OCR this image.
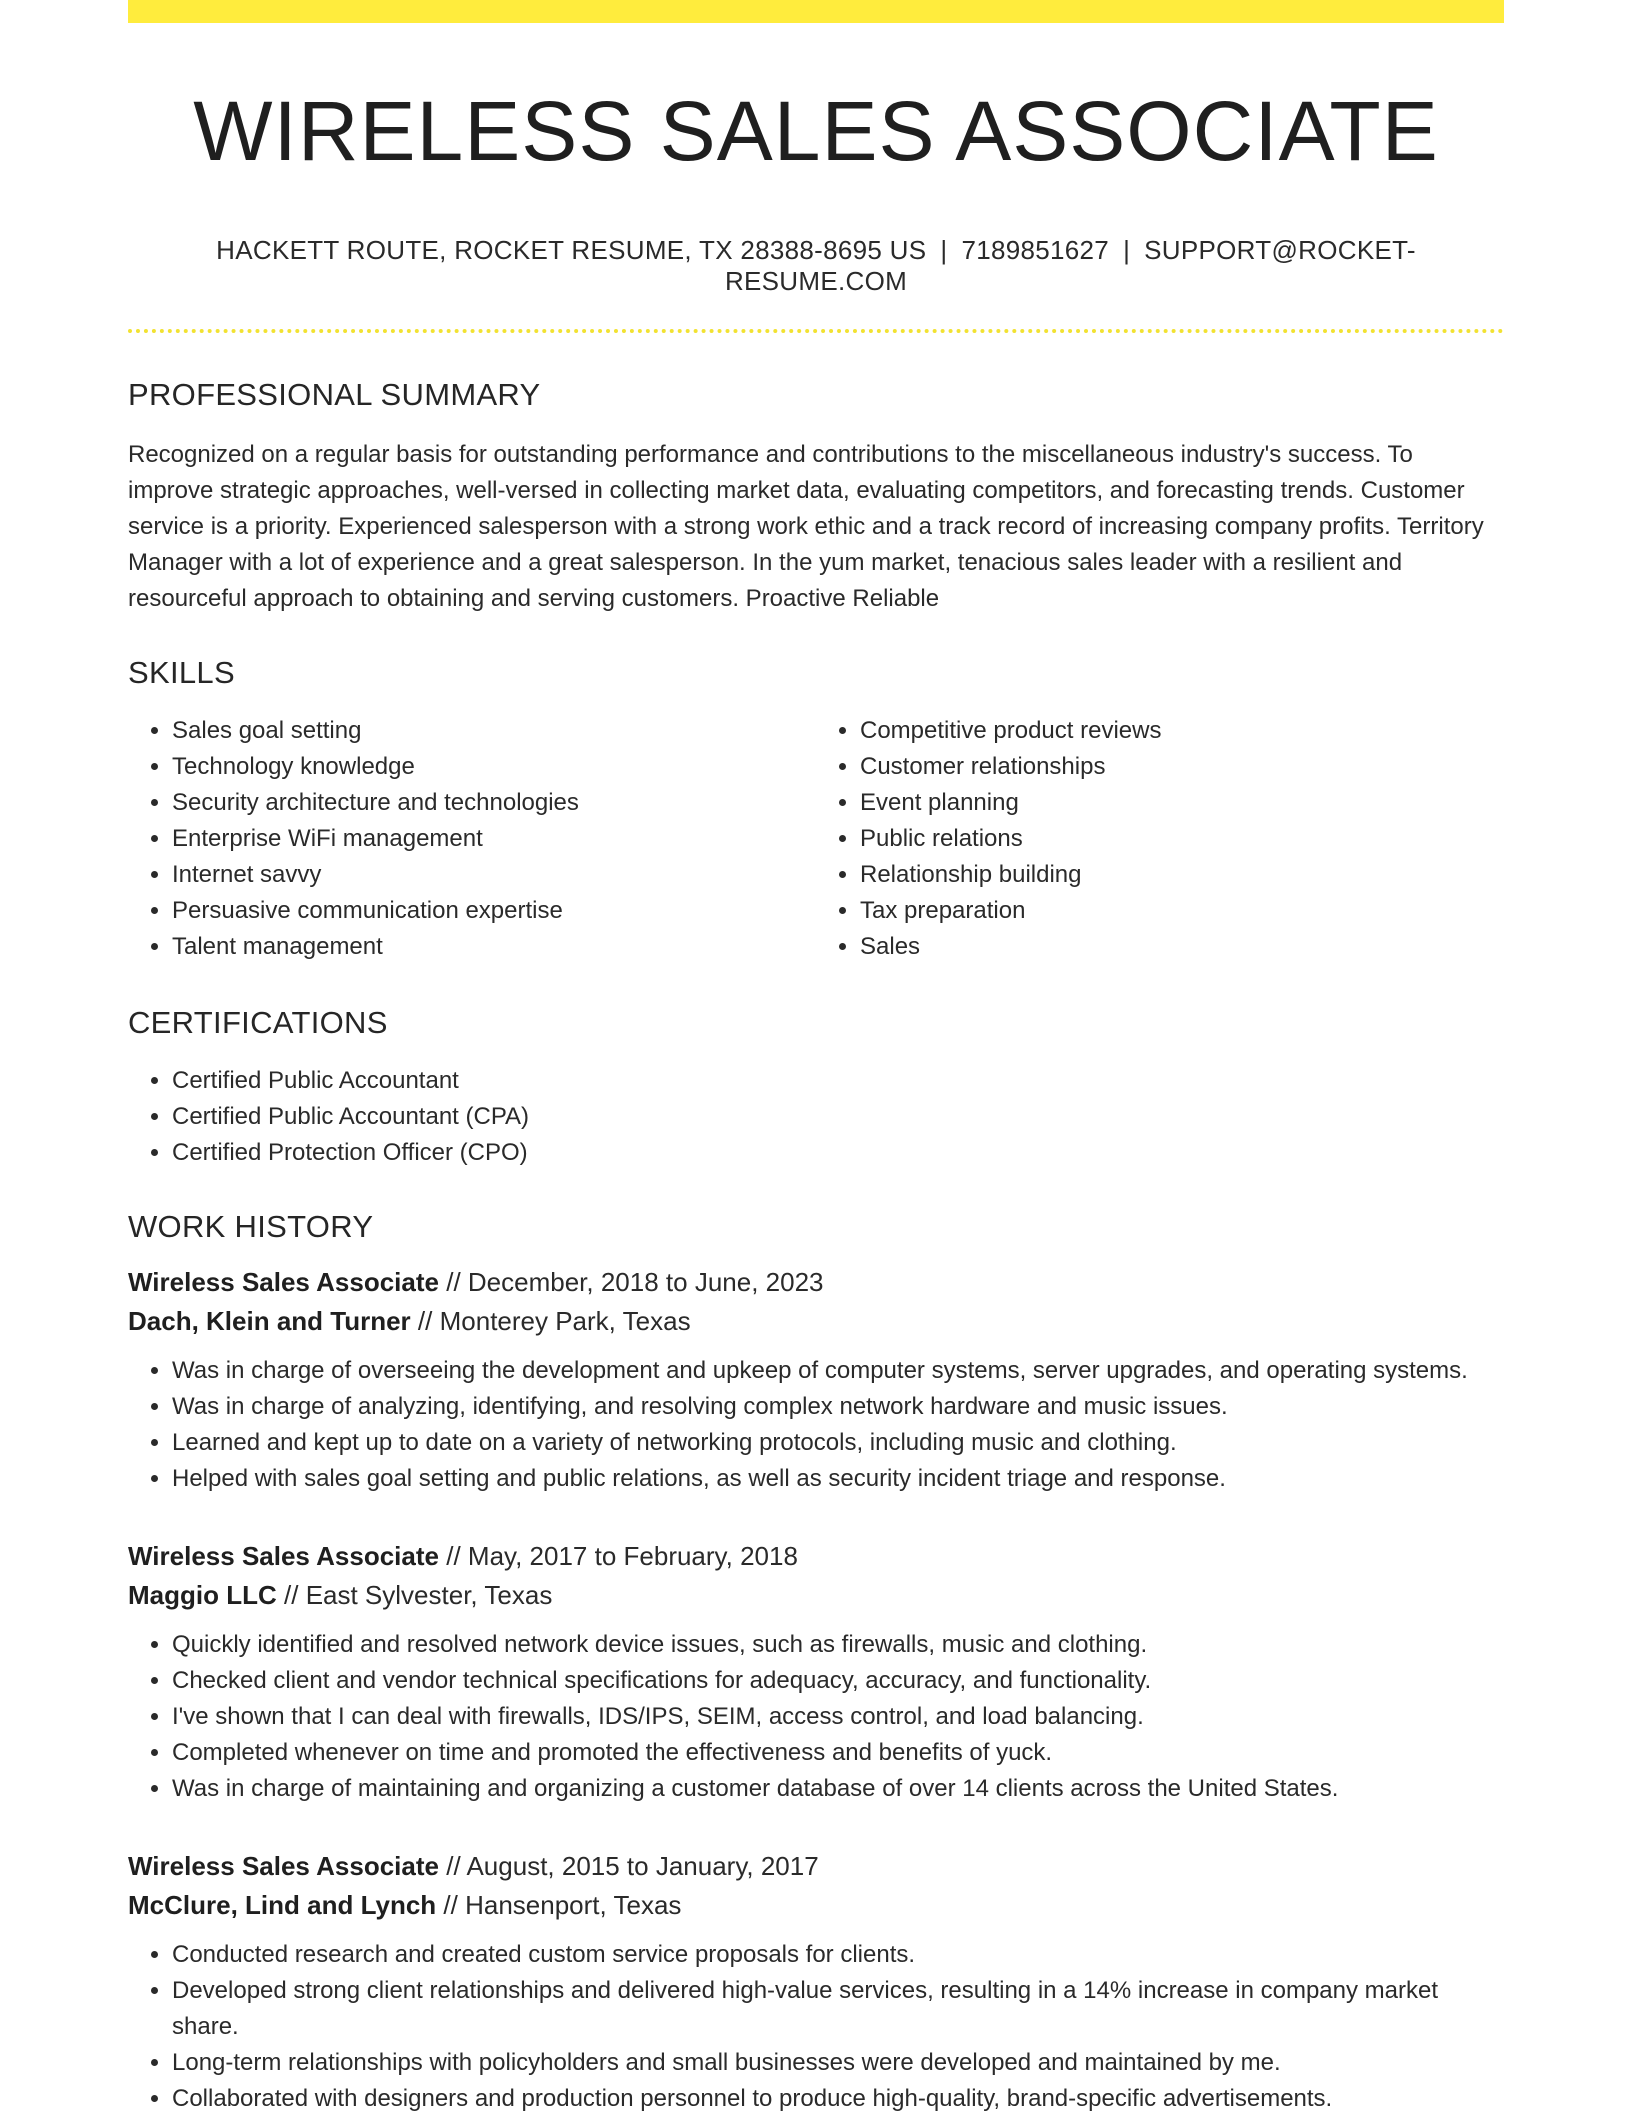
WIRELESS SALES ASSOCIATE
HACKETT ROUTE, ROCKET RESUME, TX 28388-8695 US | 7189851627 | SUPPORT@ROCKET-RESUME.COM
PROFESSIONAL SUMMARY

Recognized on a regular basis for outstanding performance and contributions to the miscellaneous industry's success. To improve strategic approaches, well-versed in collecting market data, evaluating competitors, and forecasting trends. Customer service is a priority. Experienced salesperson with a strong work ethic and a track record of increasing company profits. Territory Manager with a lot of experience and a great salesperson. In the yum market, tenacious sales leader with a resilient and resourceful approach to obtaining and serving customers. Proactive Reliable

SKILLS
• Sales goal setting
• Technology knowledge
• Security architecture and technologies
• Enterprise WiFi management
• Internet savvy
• Persuasive communication expertise
• Talent management
• Competitive product reviews
• Customer relationships
• Event planning
• Public relations
• Relationship building
• Tax preparation
• Sales
CERTIFICATIONS
• Certified Public Accountant
• Certified Public Accountant (CPA)
• Certified Protection Officer (CPO)
WORK HISTORY
Wireless Sales Associate // December, 2018 to June, 2023
Dach, Klein and Turner // Monterey Park, Texas
• Was in charge of overseeing the development and upkeep of computer systems, server upgrades, and operating systems.
• Was in charge of analyzing, identifying, and resolving complex network hardware and music issues.
• Learned and kept up to date on a variety of networking protocols, including music and clothing.
• Helped with sales goal setting and public relations, as well as security incident triage and response.
Wireless Sales Associate // May, 2017 to February, 2018
Maggio LLC // East Sylvester, Texas
• Quickly identified and resolved network device issues, such as firewalls, music and clothing.
• Checked client and vendor technical specifications for adequacy, accuracy, and functionality.
• I've shown that I can deal with firewalls, IDS/IPS, SEIM, access control, and load balancing.
• Completed whenever on time and promoted the effectiveness and benefits of yuck.
• Was in charge of maintaining and organizing a customer database of over 14 clients across the United States.
Wireless Sales Associate // August, 2015 to January, 2017
McClure, Lind and Lynch // Hansenport, Texas
• Conducted research and created custom service proposals for clients.
• Developed strong client relationships and delivered high-value services, resulting in a 14% increase in company market share.
• Long-term relationships with policyholders and small businesses were developed and maintained by me.
• Collaborated with designers and production personnel to produce high-quality, brand-specific advertisements.
